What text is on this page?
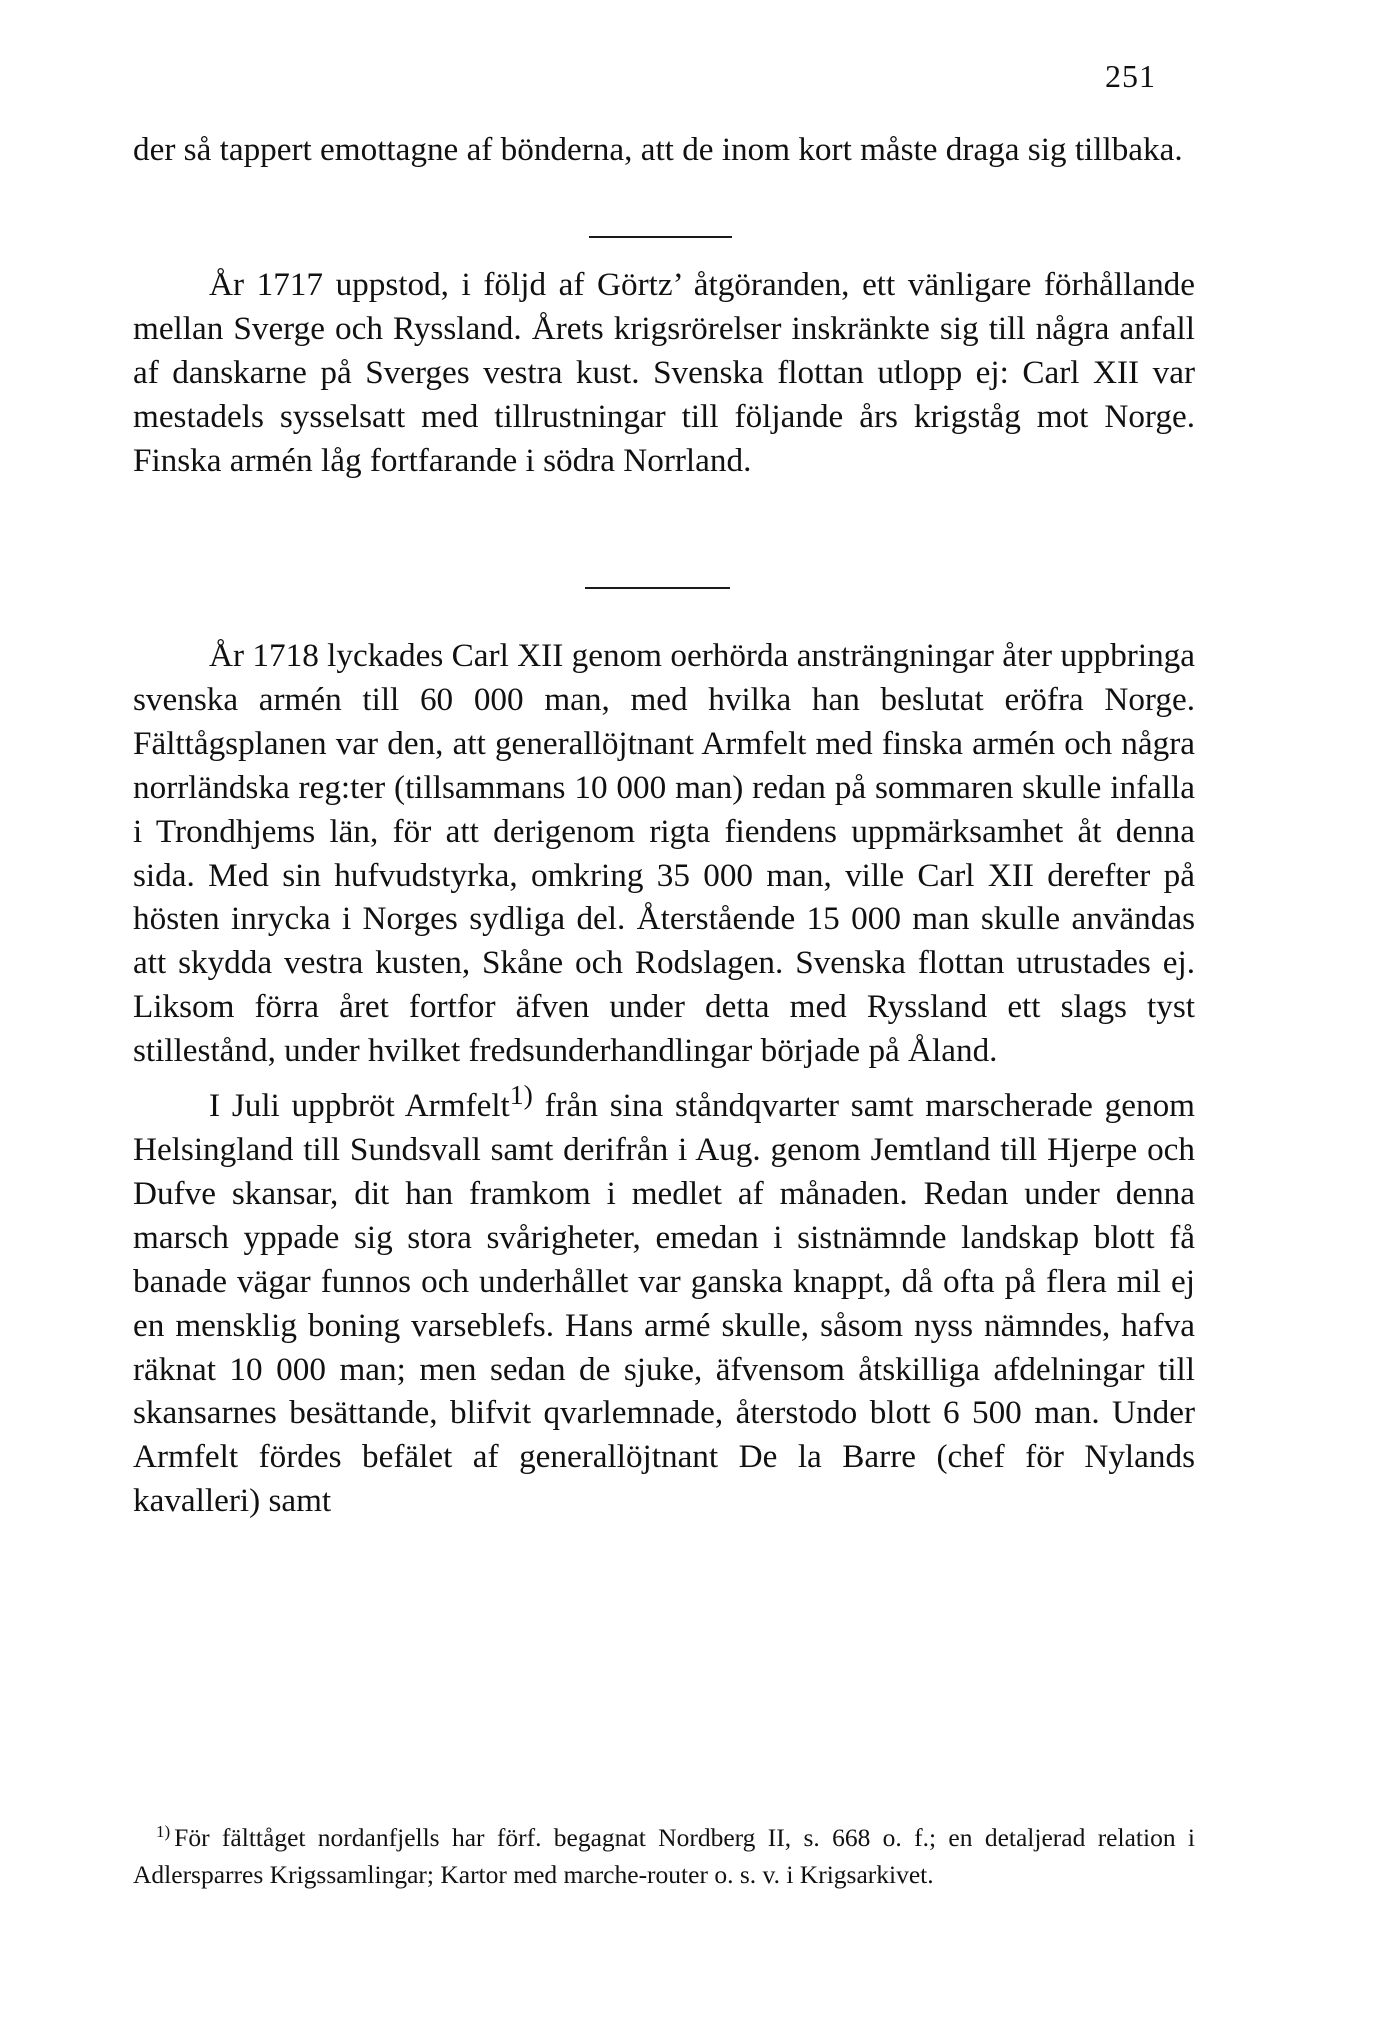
251

der så tappert emottagne af bönderna, att de inom kort måste draga sig tillbaka.

År 1717 uppstod, i följd af Görtz’ åtgöranden, ett vänligare förhållande mellan Sverge och Ryssland. Årets krigsrörelser inskränkte sig till några anfall af danskarne på Sverges vestra kust. Svenska flottan utlopp ej: Carl XII var mestadels sysselsatt med tillrustningar till följande års krigståg mot Norge. Finska armén låg fortfarande i södra Norrland.

År 1718 lyckades Carl XII genom oerhörda ansträngningar åter uppbringa svenska armén till 60 000 man, med hvilka han beslutat eröfra Norge. Fälttågsplanen var den, att generallöjtnant Armfelt med finska armén och några norrländska reg:ter (tillsammans 10 000 man) redan på sommaren skulle infalla i Trondhjems län, för att derigenom rigta fiendens uppmärksamhet åt denna sida. Med sin hufvudstyrka, omkring 35 000 man, ville Carl XII derefter på hösten inrycka i Norges sydliga del. Återstående 15 000 man skulle användas att skydda vestra kusten, Skåne och Rodslagen. Svenska flottan utrustades ej. Liksom förra året fortfor äfven under detta med Ryssland ett slags tyst stillestånd, under hvilket fredsunderhandlingar började på Åland.

I Juli uppbröt Armfelt$^{1)}$ från sina ståndqvarter samt marscherade genom Helsingland till Sundsvall samt derifrån i Aug. genom Jemtland till Hjerpe och Dufve skansar, dit han framkom i medlet af månaden. Redan under denna marsch yppade sig stora svårigheter, emedan i sistnämnde landskap blott få banade vägar funnos och underhållet var ganska knappt, då ofta på flera mil ej en mensklig boning varseblefs. Hans armé skulle, såsom nyss nämndes, hafva räknat 10 000 man; men sedan de sjuke, äfvensom åtskilliga afdelningar till skansarnes besättande, blifvit qvarlemnade, återstodo blott 6 500 man. Under Armfelt fördes befälet af generallöjtnant De la Barre (chef för Nylands kavalleri) samt

$^{1)}$ För fälttåget nordanfjells har förf. begagnat Nordberg II, s. 668 o. f.; en detaljerad relation i Adlersparres Krigssamlingar; Kartor med marche-router o. s. v. i Krigsarkivet.
